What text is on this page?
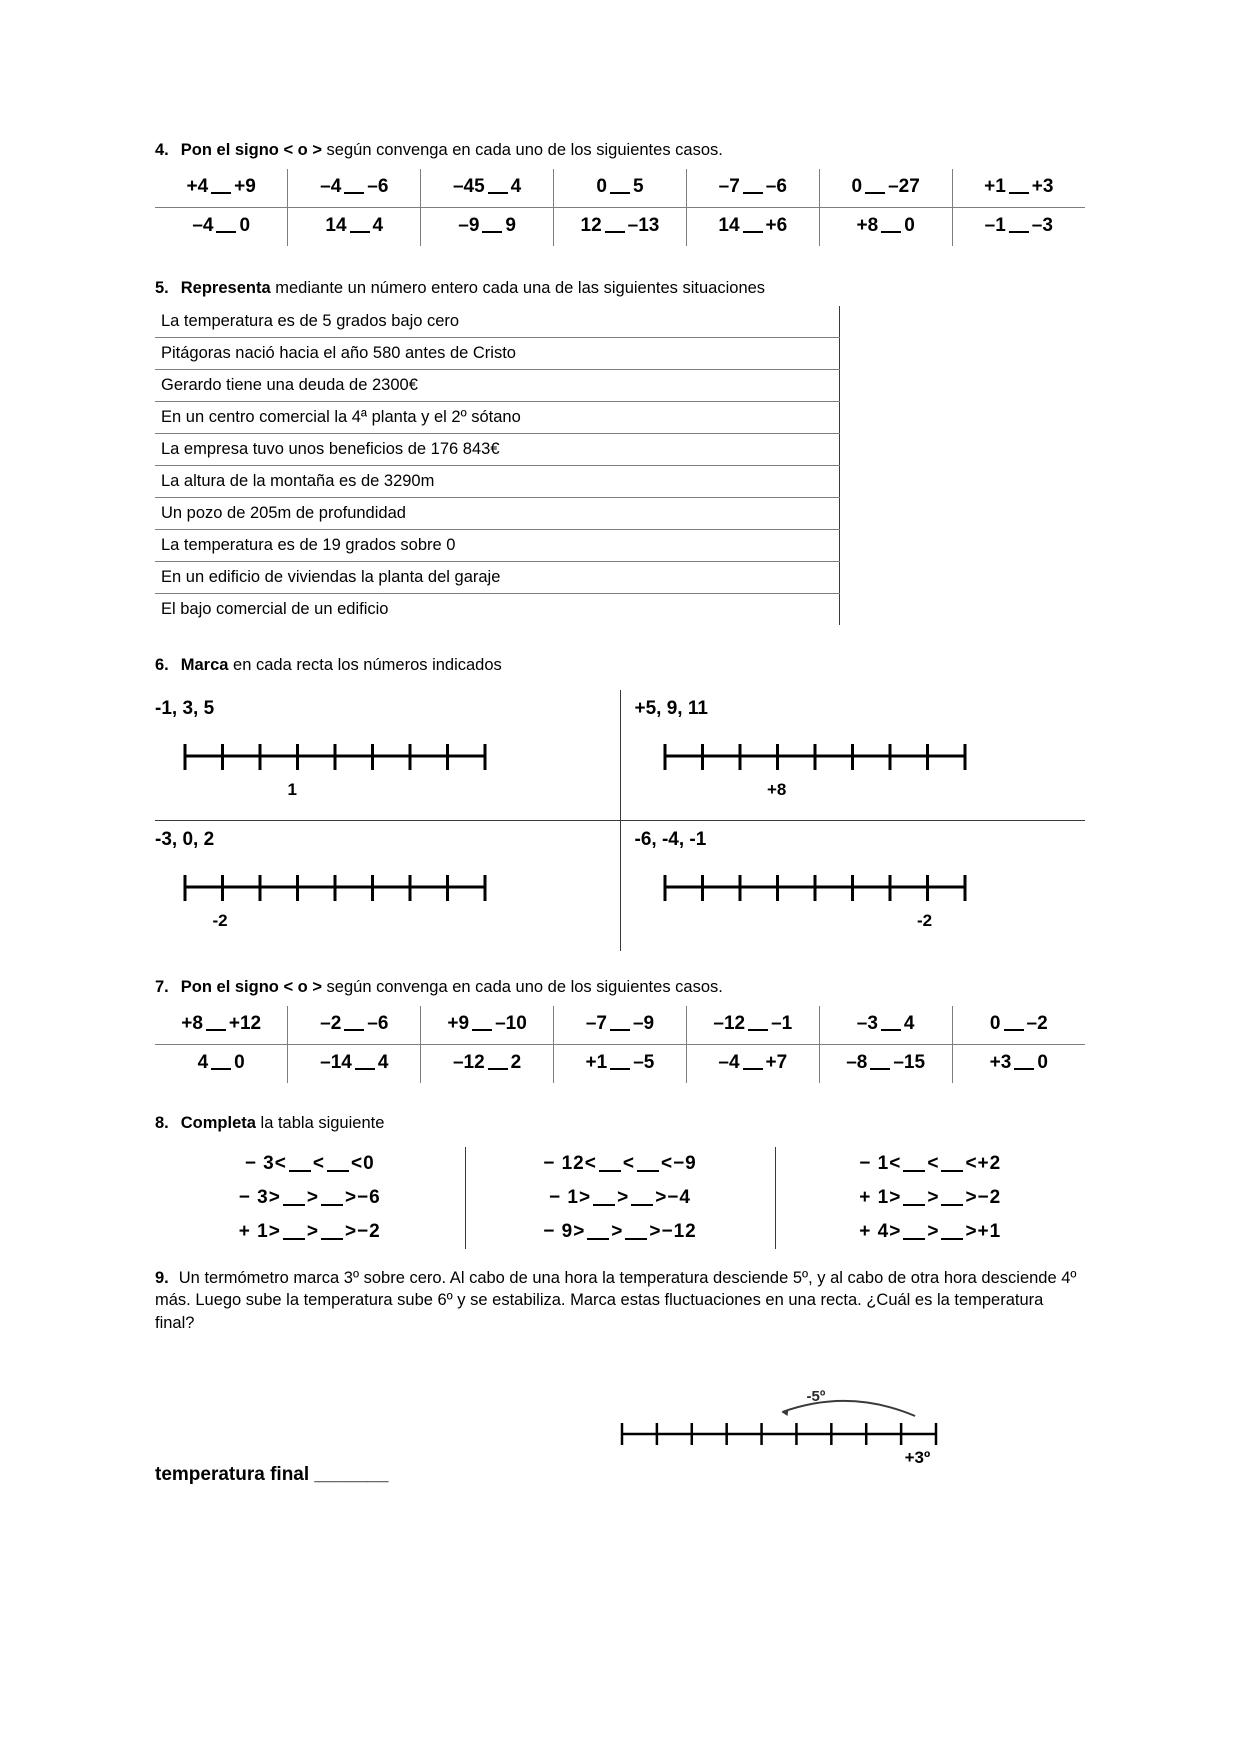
4. Pon el signo < o > según convenga en cada uno de los siguientes casos.

+4 +9	–4 –6	–45 4	0 5	–7 –6	0 –27	+1 +3
–4 0	14 4	–9 9	12 –13	14 +6	+8 0	–1 –3

5. Representa mediante un número entero cada una de las siguientes situaciones

La temperatura es de 5 grados bajo cero	
Pitágoras nació hacia el año 580 antes de Cristo	
Gerardo tiene una deuda de 2300€	
En un centro comercial la 4ª planta y el 2º sótano	
La empresa tuvo unos beneficios de 176 843€	
La altura de la montaña es de 3290m	
Un pozo de 205m de profundidad	
La temperatura es de 19 grados sobre 0	
En un edificio de viviendas la planta del garaje	
El bajo comercial de un edificio	

6. Marca en cada recta los números indicados

-1, 3, 5
1

+5, 9, 11
+8

-3, 0, 2
-2

-6, -4, -1
-2

7. Pon el signo < o > según convenga en cada uno de los siguientes casos.

+8 +12	–2 –6	+9 –10	–7 –9	–12 –1	–3 4	0 –2
4 0	–14 4	–12 2	+1 –5	–4 +7	–8 –15	+3 0

8. Completa la tabla siguiente

− 3< < <0	− 12< < <−9	− 1< < <+2
− 3> > >−6	− 1> > >−4	+ 1> > >−2
+ 1> > >−2	− 9> > >−12	+ 4> > >+1

9. Un termómetro marca 3º sobre cero. Al cabo de una hora la temperatura desciende 5º, y al cabo de otra hora desciende 4º más. Luego sube la temperatura sube 6º y se estabiliza. Marca estas fluctuaciones en una recta. ¿Cuál es la temperatura final?

temperatura final _______
-5º
+3º
